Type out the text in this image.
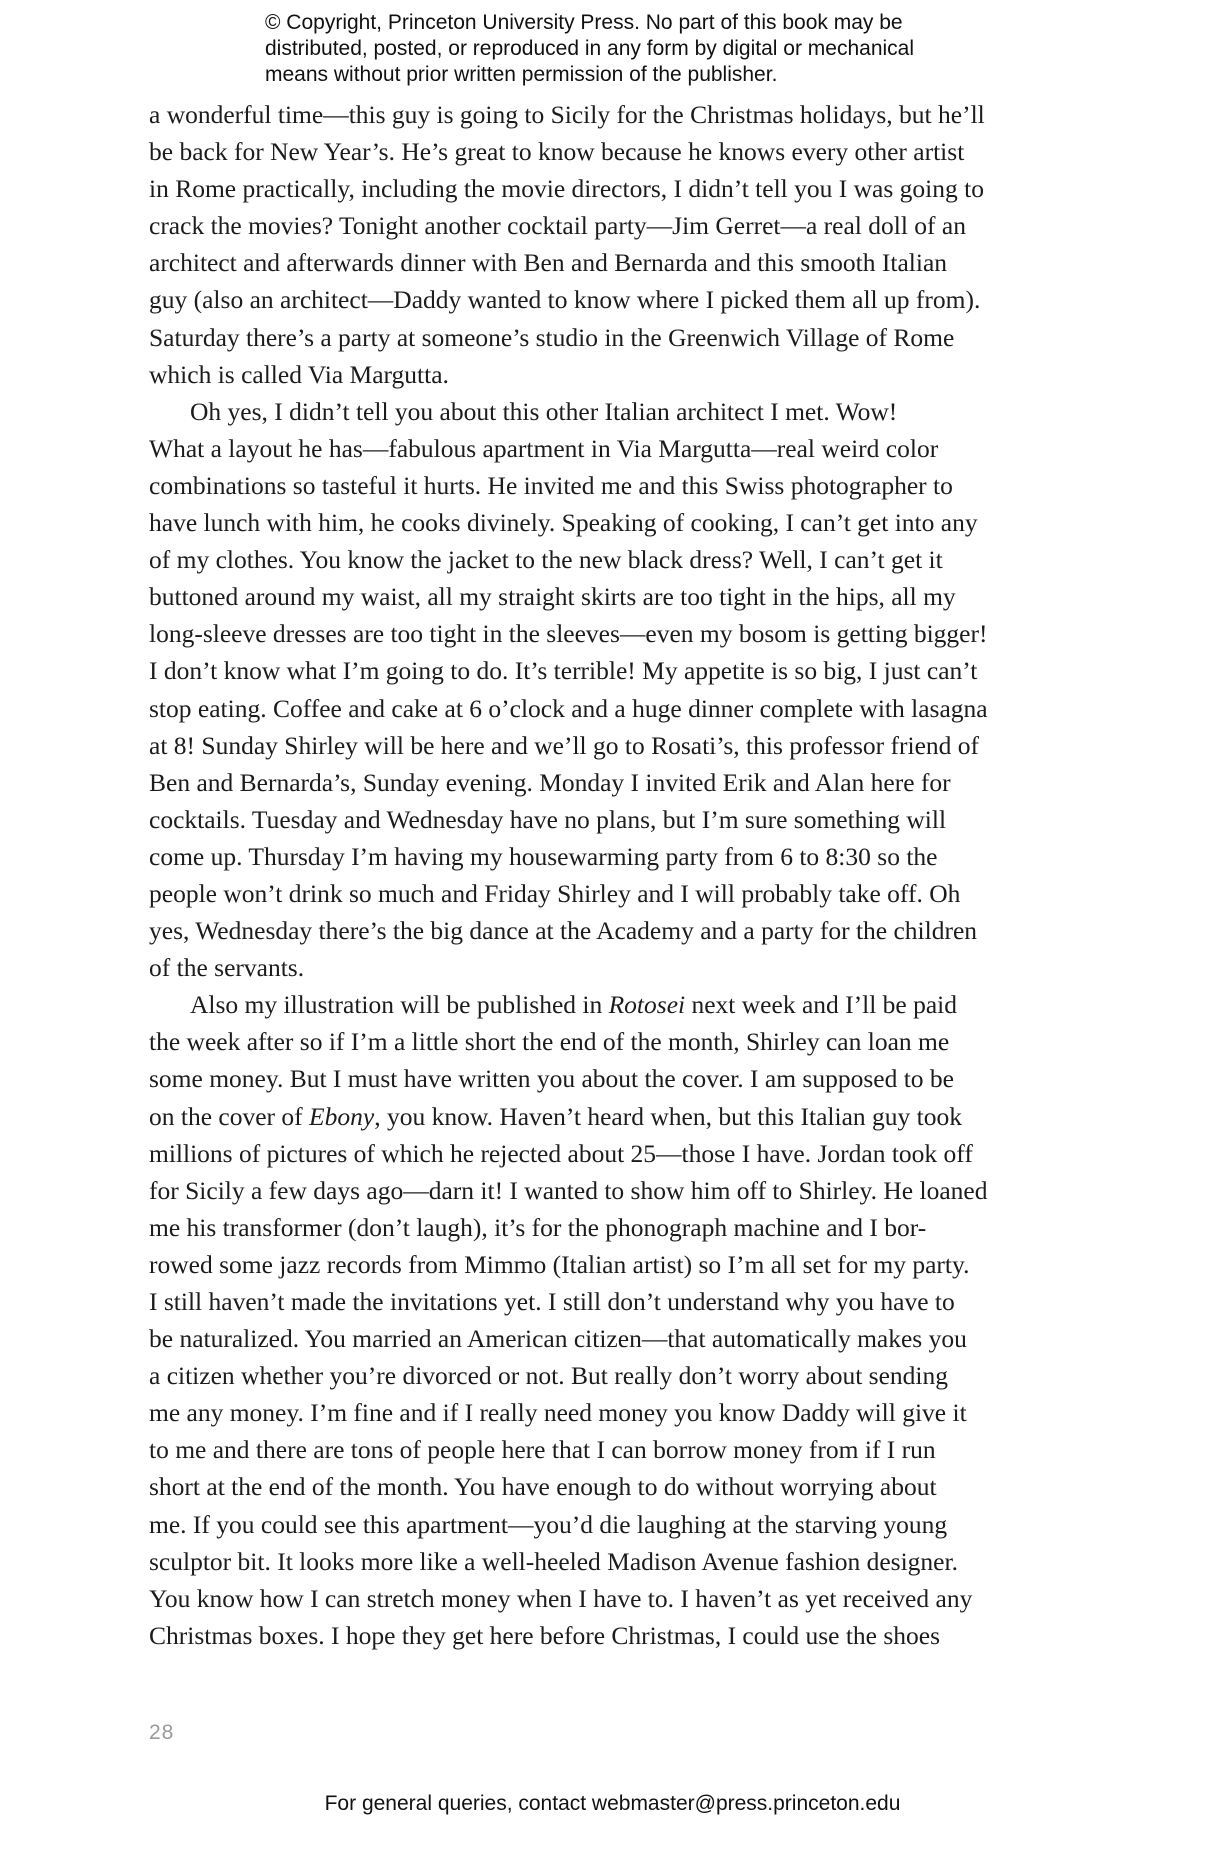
© Copyright, Princeton University Press. No part of this book may be
distributed, posted, or reproduced in any form by digital or mechanical
means without prior written permission of the publisher.
a wonderful time—this guy is going to Sicily for the Christmas holidays, but he’ll
be back for New Year’s. He’s great to know because he knows every other artist
in Rome practically, including the movie directors, I didn’t tell you I was going to
crack the movies? Tonight another cocktail party—Jim Gerret—a real doll of an
architect and afterwards dinner with Ben and Bernarda and this smooth Italian
guy (also an architect—Daddy wanted to know where I picked them all up from).
Saturday there’s a party at someone’s studio in the Greenwich Village of Rome
which is called Via Margutta.
Oh yes, I didn’t tell you about this other Italian architect I met. Wow!
What a layout he has—fabulous apartment in Via Margutta—real weird color
combinations so tasteful it hurts. He invited me and this Swiss photographer to
have lunch with him, he cooks divinely. Speaking of cooking, I can’t get into any
of my clothes. You know the jacket to the new black dress? Well, I can’t get it
buttoned around my waist, all my straight skirts are too tight in the hips, all my
long-sleeve dresses are too tight in the sleeves—even my bosom is getting bigger!
I don’t know what I’m going to do. It’s terrible! My appetite is so big, I just can’t
stop eating. Coffee and cake at 6 o’clock and a huge dinner complete with lasagna
at 8! Sunday Shirley will be here and we’ll go to Rosati’s, this professor friend of
Ben and Bernarda’s, Sunday evening. Monday I invited Erik and Alan here for
cocktails. Tuesday and Wednesday have no plans, but I’m sure something will
come up. Thursday I’m having my housewarming party from 6 to 8:30 so the
people won’t drink so much and Friday Shirley and I will probably take off. Oh
yes, Wednesday there’s the big dance at the Academy and a party for the children
of the servants.
Also my illustration will be published in Rotosei next week and I’ll be paid
the week after so if I’m a little short the end of the month, Shirley can loan me
some money. But I must have written you about the cover. I am supposed to be
on the cover of Ebony, you know. Haven’t heard when, but this Italian guy took
millions of pictures of which he rejected about 25—those I have. Jordan took off
for Sicily a few days ago—darn it! I wanted to show him off to Shirley. He loaned
me his transformer (don’t laugh), it’s for the phonograph machine and I bor-
rowed some jazz records from Mimmo (Italian artist) so I’m all set for my party.
I still haven’t made the invitations yet. I still don’t understand why you have to
be naturalized. You married an American citizen—that automatically makes you
a citizen whether you’re divorced or not. But really don’t worry about sending
me any money. I’m fine and if I really need money you know Daddy will give it
to me and there are tons of people here that I can borrow money from if I run
short at the end of the month. You have enough to do without worrying about
me. If you could see this apartment—you’d die laughing at the starving young
sculptor bit. It looks more like a well-heeled Madison Avenue fashion designer.
You know how I can stretch money when I have to. I haven’t as yet received any
Christmas boxes. I hope they get here before Christmas, I could use the shoes
28
For general queries, contact webmaster@press.princeton.edu
